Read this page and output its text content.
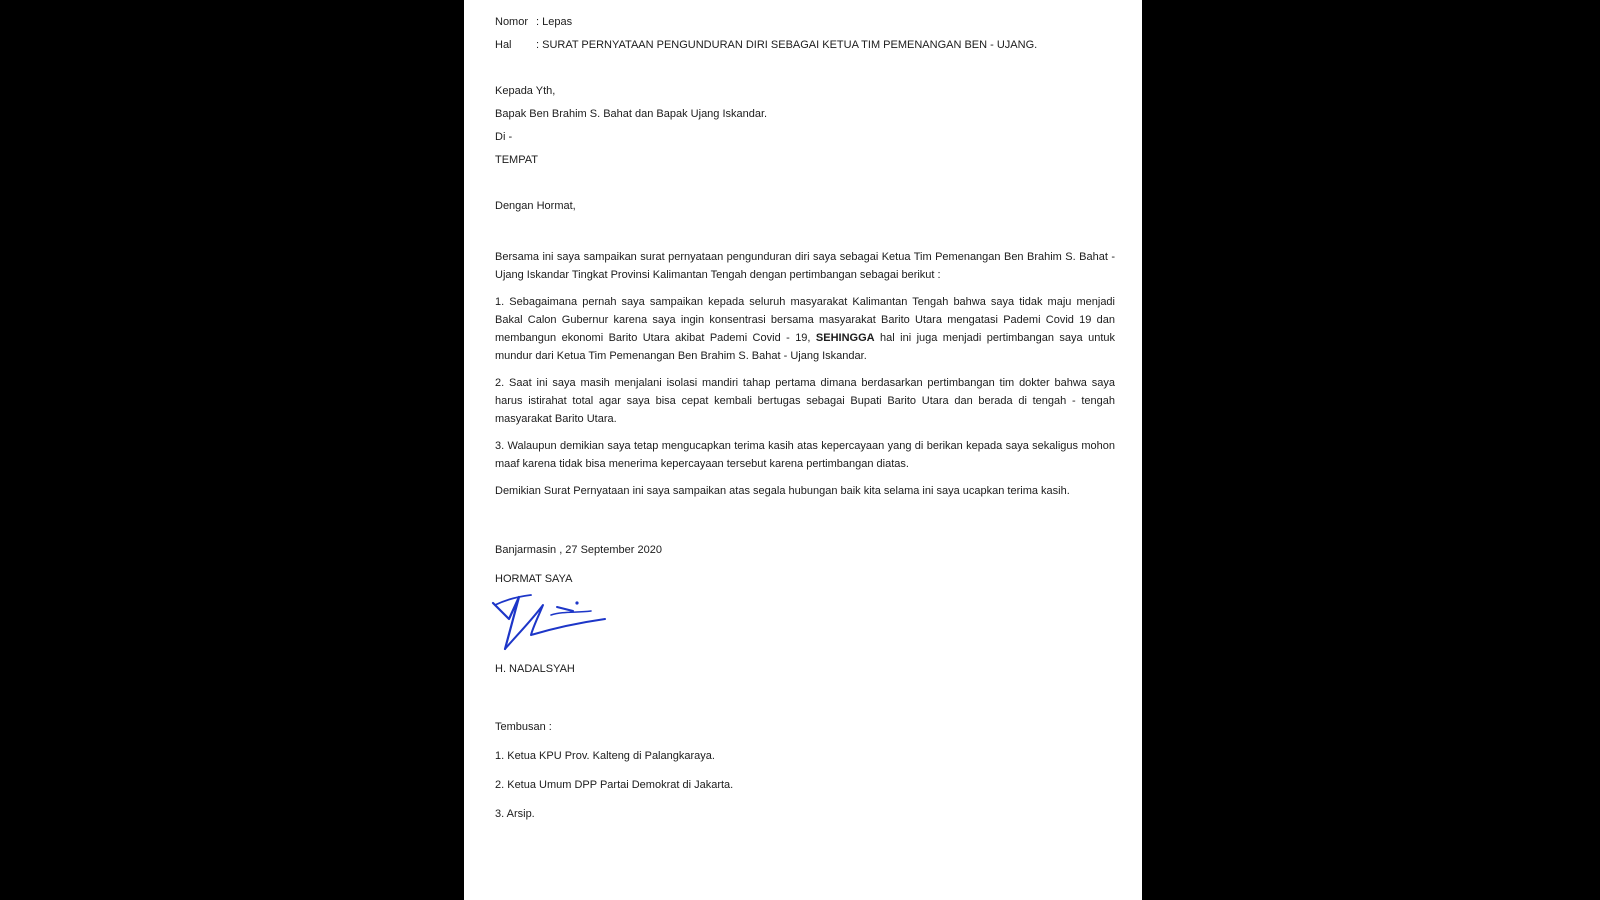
Nomor : Lepas
Hal	: SURAT PERNYATAAN PENGUNDURAN DIRI SEBAGAI KETUA TIM PEMENANGAN BEN - UJANG.

Kepada Yth,

Bapak Ben Brahim S. Bahat dan Bapak Ujang Iskandar.

Di -

TEMPAT

Dengan Hormat,

Bersama ini saya sampaikan surat pernyataan pengunduran diri saya sebagai Ketua Tim Pemenangan Ben Brahim S. Bahat - Ujang Iskandar Tingkat Provinsi Kalimantan Tengah dengan pertimbangan sebagai berikut :

1. Sebagaimana pernah saya sampaikan kepada seluruh masyarakat Kalimantan Tengah bahwa saya tidak maju menjadi Bakal Calon Gubernur karena saya ingin konsentrasi bersama masyarakat Barito Utara mengatasi Pademi Covid 19 dan membangun ekonomi Barito Utara akibat Pademi Covid - 19, SEHINGGA hal ini juga menjadi pertimbangan saya untuk mundur dari Ketua Tim Pemenangan Ben Brahim S. Bahat - Ujang Iskandar.

2. Saat ini saya masih menjalani isolasi mandiri tahap pertama dimana berdasarkan pertimbangan tim dokter bahwa saya harus istirahat total agar saya bisa cepat kembali bertugas sebagai Bupati Barito Utara dan berada di tengah - tengah masyarakat Barito Utara.

3. Walaupun demikian saya tetap mengucapkan terima kasih atas kepercayaan yang di berikan kepada saya sekaligus mohon maaf karena tidak bisa menerima kepercayaan tersebut karena pertimbangan diatas.

Demikian Surat Pernyataan ini saya sampaikan atas segala hubungan baik kita selama ini saya ucapkan terima kasih.

Banjarmasin , 27 September 2020

HORMAT SAYA

H. NADALSYAH

Tembusan :

1. Ketua KPU Prov. Kalteng di Palangkaraya.

2. Ketua Umum DPP Partai Demokrat di Jakarta.

3. Arsip.
